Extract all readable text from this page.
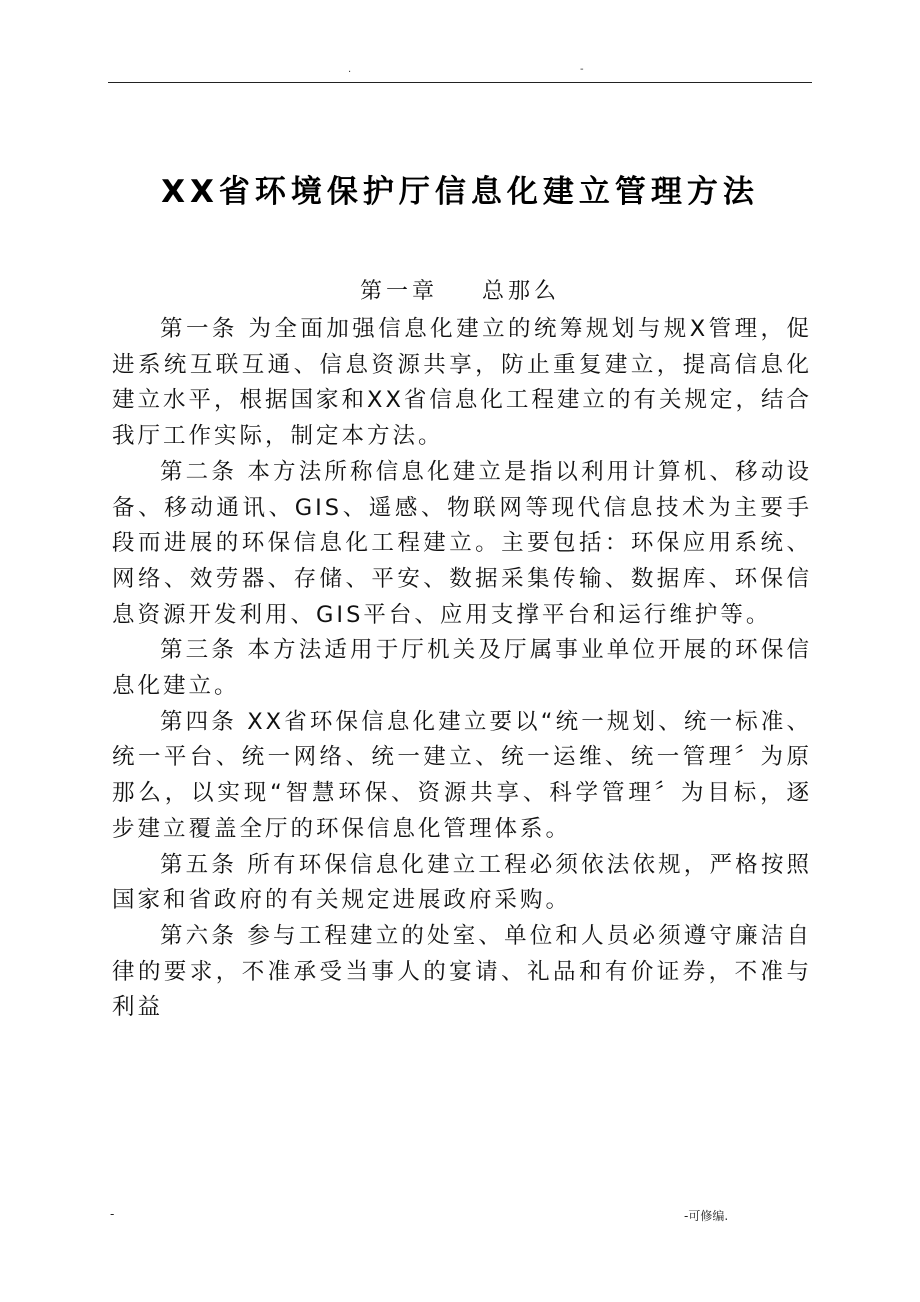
.	-
XX省环境保护厅信息化建立管理方法
第一章    总那么

第一条 为全面加强信息化建立的统筹规划与规X管理，促进系统互联互通、信息资源共享，防止重复建立，提高信息化建立水平，根据国家和XX省信息化工程建立的有关规定，结合我厅工作实际，制定本方法。

第二条 本方法所称信息化建立是指以利用计算机、移动设备、移动通讯、GIS、遥感、物联网等现代信息技术为主要手段而进展的环保信息化工程建立。主要包括：环保应用系统、网络、效劳器、存储、平安、数据采集传输、数据库、环保信息资源开发利用、GIS平台、应用支撑平台和运行维护等。

第三条 本方法适用于厅机关及厅属事业单位开展的环保信息化建立。

第四条 XX省环保信息化建立要以“统一规划、统一标准、统一平台、统一网络、统一建立、统一运维、统一管理〞为原那么，以实现“智慧环保、资源共享、科学管理〞为目标，逐步建立覆盖全厅的环保信息化管理体系。

第五条 所有环保信息化建立工程必须依法依规，严格按照国家和省政府的有关规定进展政府采购。

第六条 参与工程建立的处室、单位和人员必须遵守廉洁自律的要求，不准承受当事人的宴请、礼品和有价证券，不准与利益

-	-可修编.
